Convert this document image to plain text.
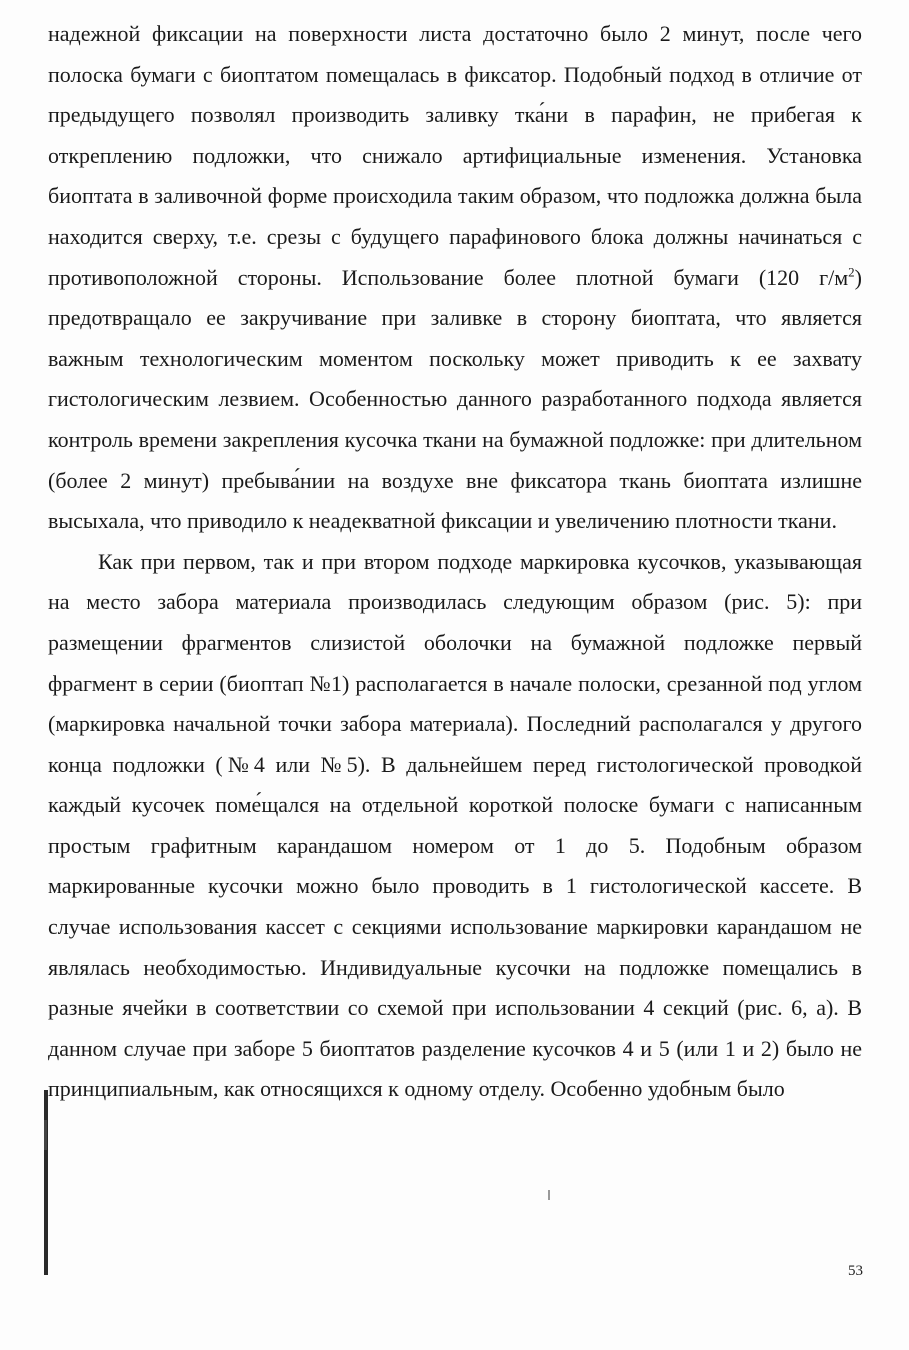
надежной фиксации на поверхности листа достаточно было 2 минут, после чего полоска бумаги с биоптатом помещалась в фиксатор. Подобный подход в отличие от предыдущего позволял производить заливку тка́ни в парафин, не прибегая к откреплению подложки, что снижало артифициальные изменения. Установка биоптата в заливочной форме происходила таким образом, что подложка должна была находится сверху, т.е. срезы с будущего парафинового блока должны начинаться с противоположной стороны. Использование более плотной бумаги (120 $г/м^2$) предотвращало ее закручивание при заливке в сторону биоптата, что является важным технологическим моментом поскольку может приводить к ее захвату гистологическим лезвием. Особенностью данного разработанного подхода является контроль времени закрепления кусочка ткани на бумажной подложке: при длительном (более 2 минут) пребыва́нии на воздухе вне фиксатора ткань биоптата излишне высыхала, что приводило к неадекватной фиксации и увеличению плотности ткани.

Как при первом, так и при втором подходе маркировка кусочков, указывающая на место забора материала производилась следующим образом (рис. 5): при размещении фрагментов слизистой оболочки на бумажной подложке первый фрагмент в серии (биоптап №1) располагается в начале полоски, срезанной под углом (маркировка начальной точки забора материала). Последний располагался у другого конца подложки (№4 или №5). В дальнейшем перед гистологической проводкой каждый кусочек поме́щался на отдельной короткой полоске бумаги с написанным простым графитным карандашом номером от 1 до 5. Подобным образом маркированные кусочки можно было проводить в 1 гистологической кассете. В случае использования кассет с секциями использование маркировки карандашом не являлась необходимостью. Индивидуальные кусочки на подложке помещались в разные ячейки в соответствии со схемой при использовании 4 секций (рис. 6, а). В данном случае при заборе 5 биоптатов разделение кусочков 4 и 5 (или 1 и 2) было не принципиальным, как относящихся к одному отделу. Особенно удобным было

53
